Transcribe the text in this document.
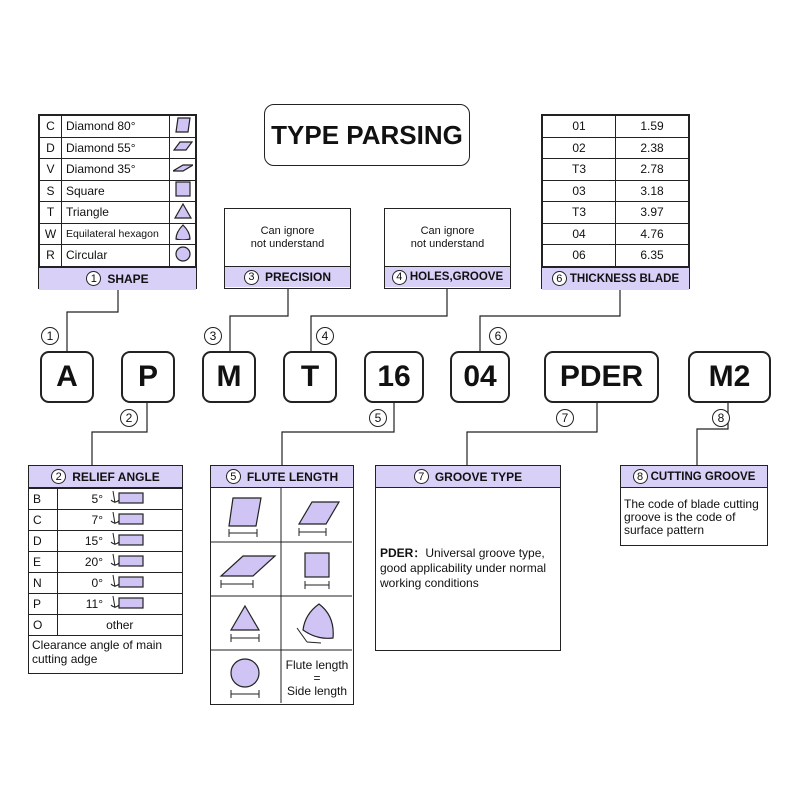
TYPE PARSING
C	Diamond 80°	
D	Diamond 55°	
V	Diamond 35°	
S	Square	
T	Triangle	
W	Equilateral hexagon	
R	Circular	
1 SHAPE
Can ignore
not understand
3 PRECISION
Can ignore
not understand
4 HOLES,GROOVE
01	1.59
02	2.38
T3	2.78
03	3.18
T3	3.97
04	4.76
06	6.35
6 THICKNESS BLADE
1	3	4	6
2	5	7	8
A	P	M	T	16	04	PDER	M2
2 RELIEF ANGLE
B	5°	
C	7°	
D	15°	
E	20°	
N	0°	
P	11°	
O	other	
Clearance angle of main cutting adge
5 FLUTE LENGTH
Flute length
=
Side length
7 GROOVE TYPE
PDER：Universal groove type, good applicability under normal working conditions
8 CUTTING GROOVE
The code of blade cutting groove is the code of surface pattern
